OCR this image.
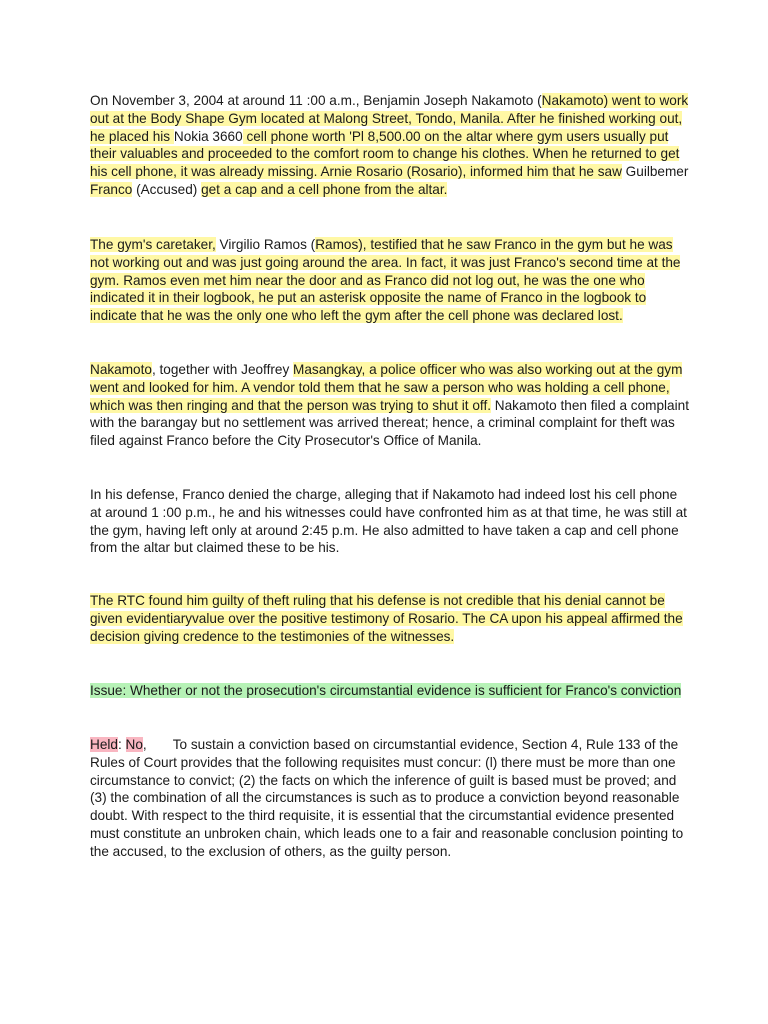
On November 3, 2004 at around 11 :00 a.m., Benjamin Joseph Nakamoto (Nakamoto) went to work out at the Body Shape Gym located at Malong Street, Tondo, Manila. After he finished working out, he placed his Nokia 3660 cell phone worth 'Pl 8,500.00 on the altar where gym users usually put their valuables and proceeded to the comfort room to change his clothes. When he returned to get his cell phone, it was already missing. Arnie Rosario (Rosario), informed him that he saw Guilbemer Franco (Accused) get a cap and a cell phone from the altar.

The gym's caretaker, Virgilio Ramos (Ramos), testified that he saw Franco in the gym but he was not working out and was just going around the area. In fact, it was just Franco's second time at the gym. Ramos even met him near the door and as Franco did not log out, he was the one who indicated it in their logbook, he put an asterisk opposite the name of Franco in the logbook to indicate that he was the only one who left the gym after the cell phone was declared lost.

Nakamoto, together with Jeoffrey Masangkay, a police officer who was also working out at the gym went and looked for him. A vendor told them that he saw a person who was holding a cell phone, which was then ringing and that the person was trying to shut it off. Nakamoto then filed a complaint with the barangay but no settlement was arrived thereat; hence, a criminal complaint for theft was filed against Franco before the City Prosecutor's Office of Manila.

In his defense, Franco denied the charge, alleging that if Nakamoto had indeed lost his cell phone at around 1 :00 p.m., he and his witnesses could have confronted him as at that time, he was still at the gym, having left only at around 2:45 p.m. He also admitted to have taken a cap and cell phone from the altar but claimed these to be his.

The RTC found him guilty of theft ruling that his defense is not credible that his denial cannot be given evidentiaryvalue over the positive testimony of Rosario. The CA upon his appeal affirmed the decision giving credence to the testimonies of the witnesses.

Issue: Whether or not the prosecution's circumstantial evidence is sufficient for Franco's conviction

Held: No, To sustain a conviction based on circumstantial evidence, Section 4, Rule 133 of the Rules of Court provides that the following requisites must concur: (l) there must be more than one circumstance to convict; (2) the facts on which the inference of guilt is based must be proved; and (3) the combination of all the circumstances is such as to produce a conviction beyond reasonable doubt. With respect to the third requisite, it is essential that the circumstantial evidence presented must constitute an unbroken chain, which leads one to a fair and reasonable conclusion pointing to the accused, to the exclusion of others, as the guilty person.
